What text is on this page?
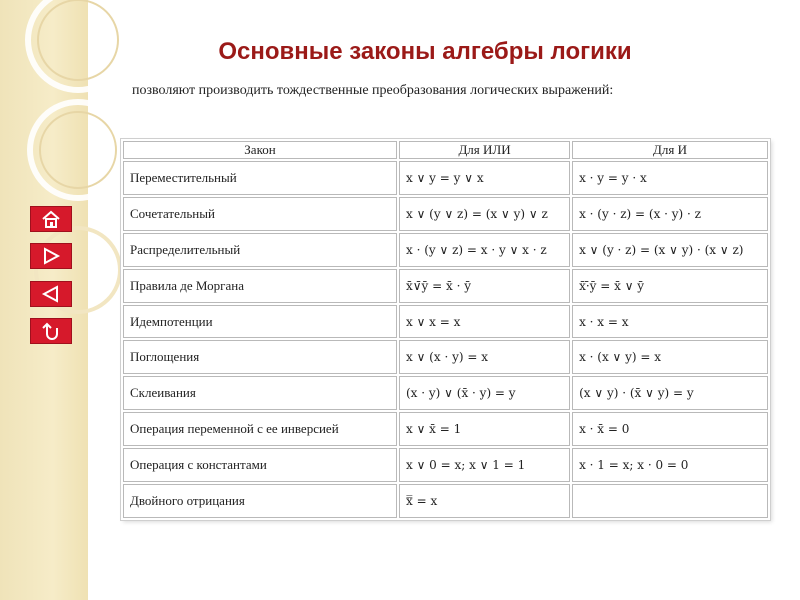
Основные законы алгебры логики
позволяют производить тождественные преобразования логических выражений:
Закон	Для ИЛИ	Для И
Переместительный	x ∨ y = y ∨ x	x · y = y · x
Сочетательный	x ∨ (y ∨ z) = (x ∨ y) ∨ z	x · (y · z) = (x · y) · z
Распределительный	x · (y ∨ z) = x · y ∨ x · z	x ∨ (y · z) = (x ∨ y) · (x ∨ z)
Правила де Моргана	x̄∨̄ȳ = x̄ · ȳ	x̄·̄ȳ = x̄ ∨ ȳ
Идемпотенции	x ∨ x = x	x · x = x
Поглощения	x ∨ (x · y) = x	x · (x ∨ y) = x
Склеивания	(x · y) ∨ (x̄ · y) = y	(x ∨ y) · (x̄ ∨ y) = y
Операция переменной с ее инверсией	x ∨ x̄ = 1	x · x̄ = 0
Операция с константами	x ∨ 0 = x; x ∨ 1 = 1	x · 1 = x; x · 0 = 0
Двойного отрицания	x̿ = x	
